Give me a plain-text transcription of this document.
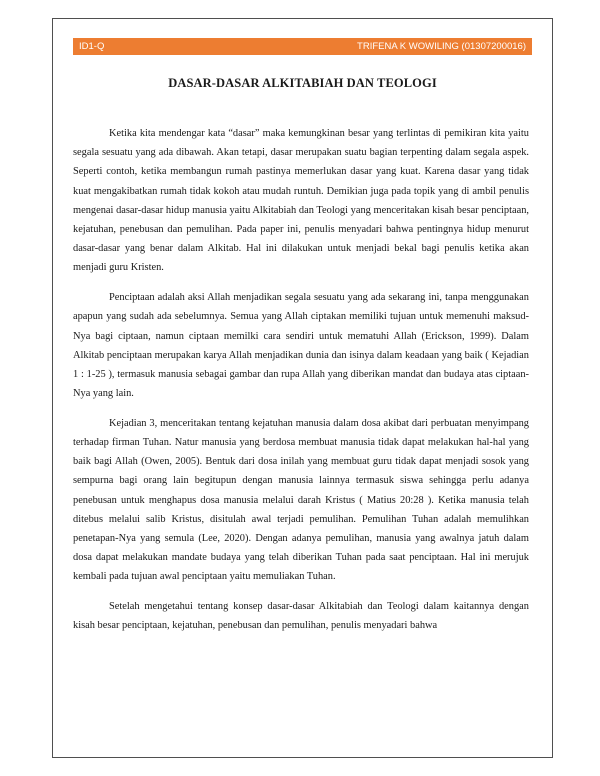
ID1-Q	TRIFENA K WOWILING (01307200016)
DASAR-DASAR ALKITABIAH DAN TEOLOGI

Ketika kita mendengar kata “dasar” maka kemungkinan besar yang terlintas di pemikiran kita yaitu segala sesuatu yang ada dibawah. Akan tetapi, dasar merupakan suatu bagian terpenting dalam segala aspek. Seperti contoh, ketika membangun rumah pastinya memerlukan dasar yang kuat. Karena dasar yang tidak kuat mengakibatkan rumah tidak kokoh atau mudah runtuh. Demikian juga pada topik yang di ambil penulis mengenai dasar-dasar hidup manusia yaitu Alkitabiah dan Teologi yang menceritakan kisah besar penciptaan, kejatuhan, penebusan dan pemulihan. Pada paper ini, penulis menyadari bahwa pentingnya hidup menurut dasar-dasar yang benar dalam Alkitab. Hal ini dilakukan untuk menjadi bekal bagi penulis ketika akan menjadi guru Kristen.

Penciptaan adalah aksi Allah menjadikan segala sesuatu yang ada sekarang ini, tanpa menggunakan apapun yang sudah ada sebelumnya. Semua yang Allah ciptakan memiliki tujuan untuk memenuhi maksud-Nya bagi ciptaan, namun ciptaan memilki cara sendiri untuk mematuhi Allah (Erickson, 1999). Dalam Alkitab penciptaan merupakan karya Allah menjadikan dunia dan isinya dalam keadaan yang baik ( Kejadian 1 : 1-25 ), termasuk manusia sebagai gambar dan rupa Allah yang diberikan mandat dan budaya atas ciptaan-Nya yang lain.

Kejadian 3, menceritakan tentang kejatuhan manusia dalam dosa akibat dari perbuatan menyimpang terhadap firman Tuhan. Natur manusia yang berdosa membuat manusia tidak dapat melakukan hal-hal yang baik bagi Allah (Owen, 2005). Bentuk dari dosa inilah yang membuat guru tidak dapat menjadi sosok yang sempurna bagi orang lain begitupun dengan manusia lainnya termasuk siswa sehingga perlu adanya penebusan untuk menghapus dosa manusia melalui darah Kristus ( Matius 20:28 ). Ketika manusia telah ditebus melalui salib Kristus, disitulah awal terjadi pemulihan. Pemulihan Tuhan adalah memulihkan penetapan-Nya yang semula (Lee, 2020). Dengan adanya pemulihan, manusia yang awalnya jatuh dalam dosa dapat melakukan mandate budaya yang telah diberikan Tuhan pada saat penciptaan. Hal ini merujuk kembali pada tujuan awal penciptaan yaitu memuliakan Tuhan.

Setelah mengetahui tentang konsep dasar-dasar Alkitabiah dan Teologi dalam kaitannya dengan kisah besar penciptaan, kejatuhan, penebusan dan pemulihan, penulis menyadari bahwa
